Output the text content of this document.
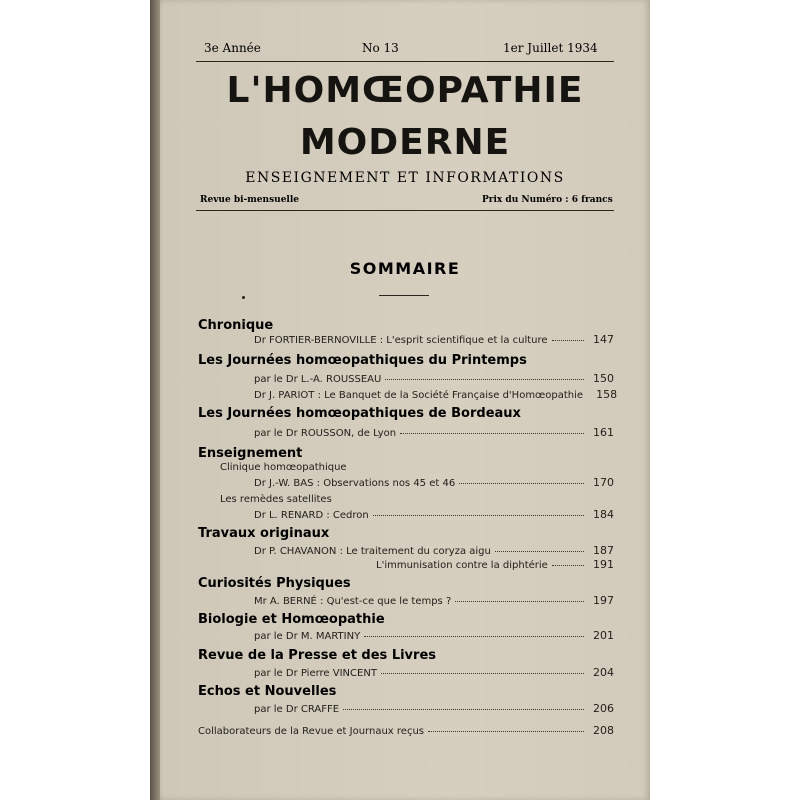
3e Année	No 13	1er Juillet 1934
L'HOMŒOPATHIE
MODERNE
ENSEIGNEMENT ET INFORMATIONS
Revue bi-mensuelle	Prix du Numéro : 6 francs
SOMMAIRE
Chronique
Dr FORTIER-BERNOVILLE : L'esprit scientifique et la culture	147
Les Journées homœopathiques du Printemps
par le Dr L.-A. ROUSSEAU	150
Dr J. PARIOT : Le Banquet de la Société Française d'Homœopathie	158
Les Journées homœopathiques de Bordeaux
par le Dr ROUSSON, de Lyon	161
Enseignement
Clinique homœopathique
Dr J.-W. BAS : Observations nos 45 et 46	170
Les remèdes satellites
Dr L. RENARD : Cedron	184
Travaux originaux
Dr P. CHAVANON : Le traitement du coryza aigu	187
L'immunisation contre la diphtérie	191
Curiosités Physiques
Mr A. BERNÉ : Qu'est-ce que le temps ?	197
Biologie et Homœopathie
par le Dr M. MARTINY	201
Revue de la Presse et des Livres
par le Dr Pierre VINCENT	204
Echos et Nouvelles
par le Dr CRAFFE	206
Collaborateurs de la Revue et Journaux reçus	208
